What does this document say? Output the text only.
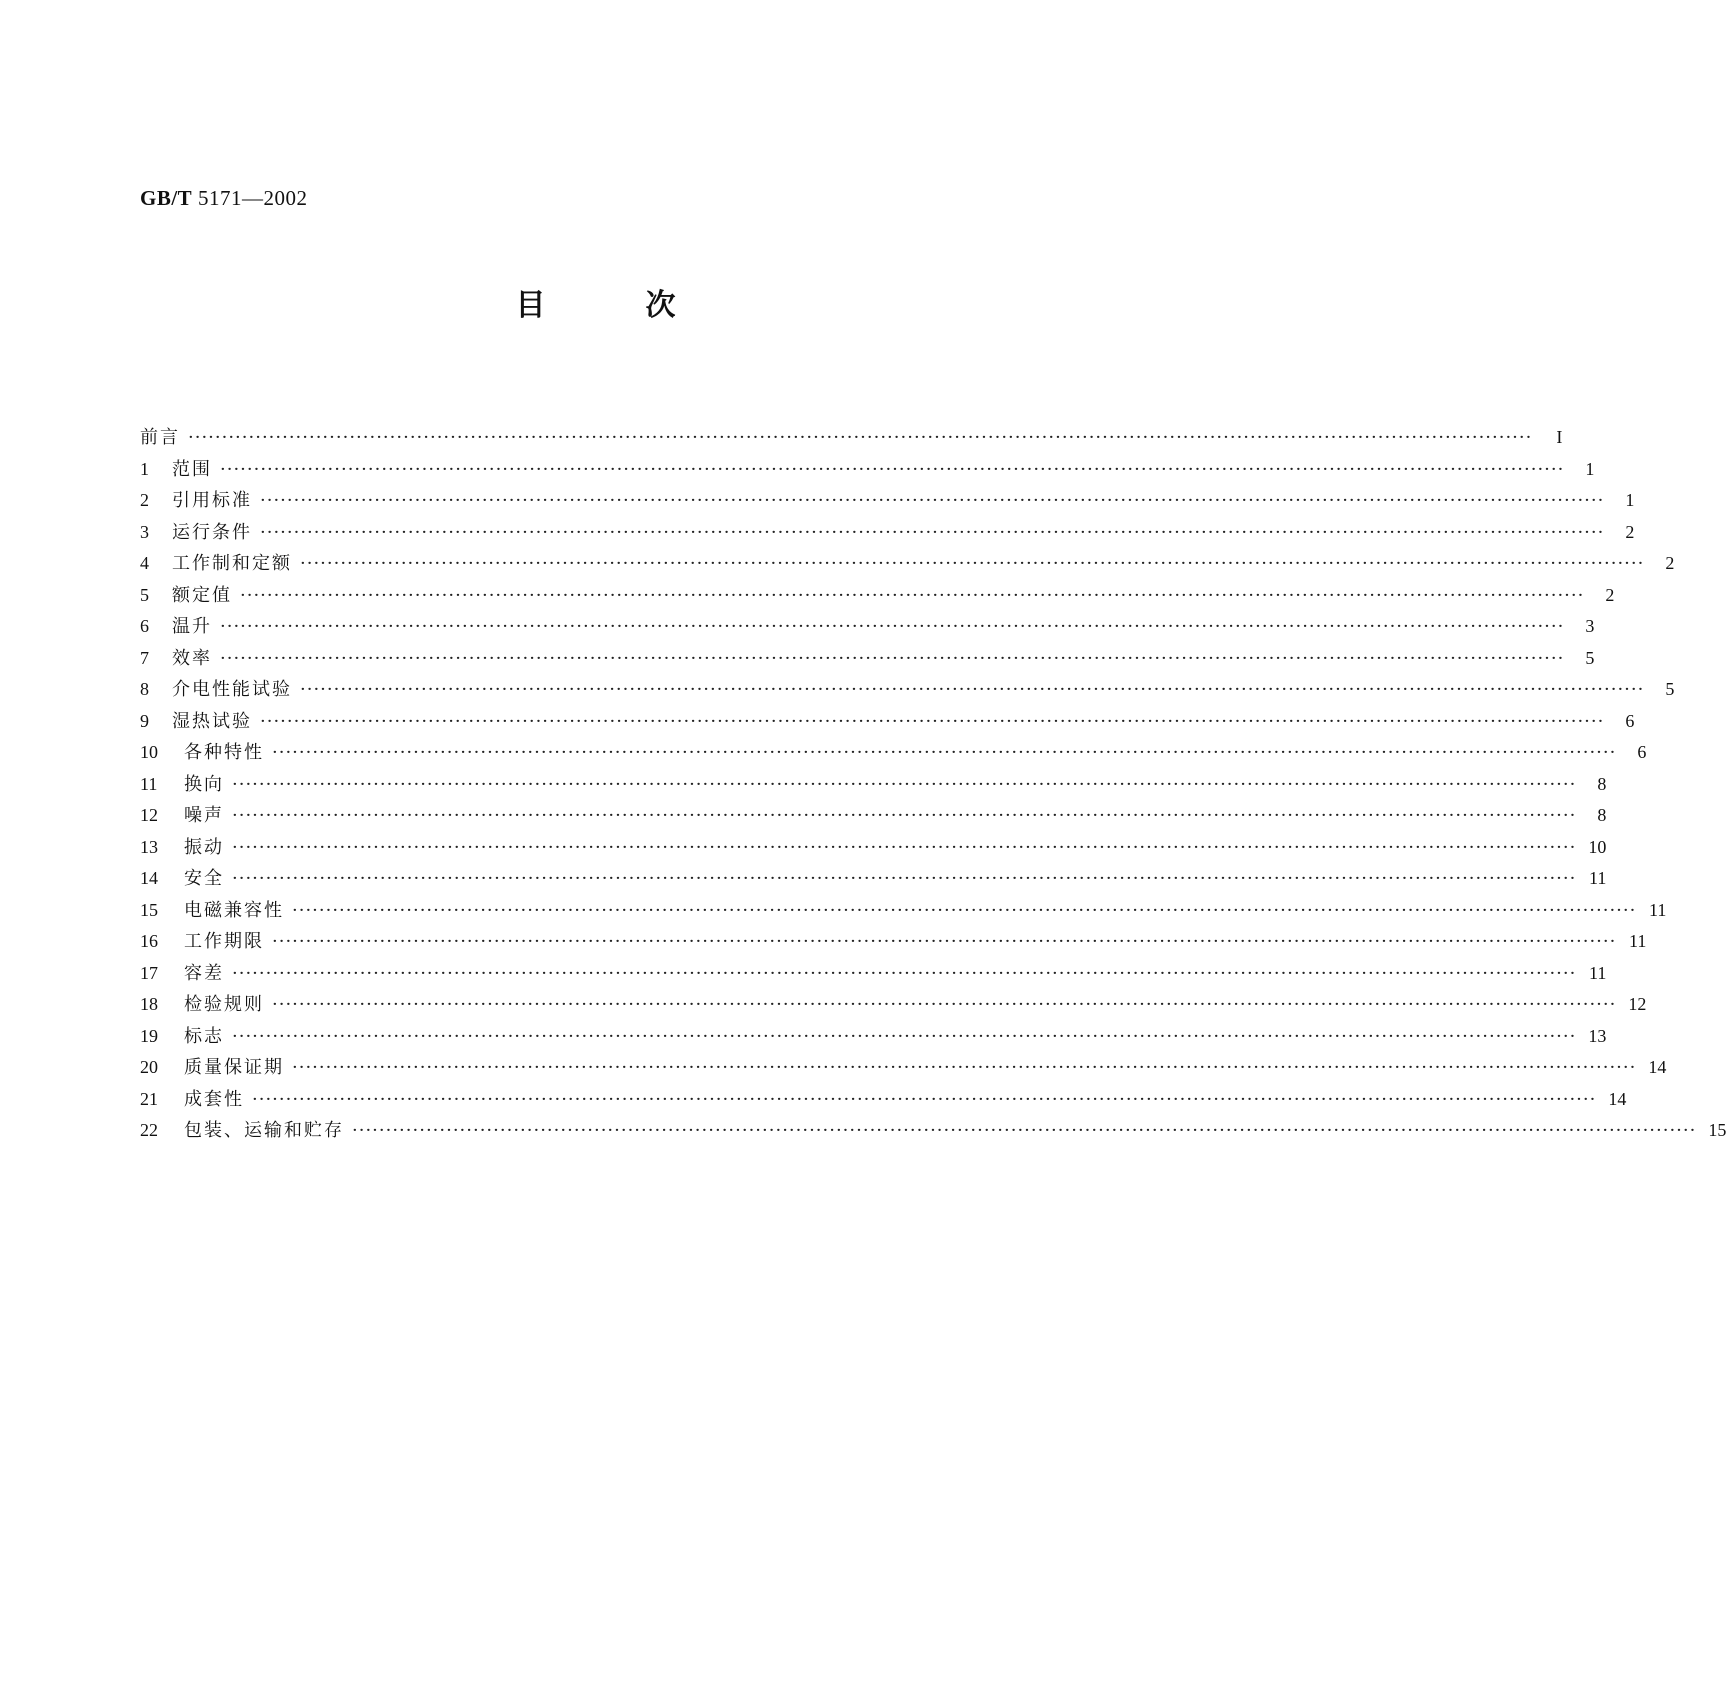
GB/T 5171—2002
目次
前言 ········································································································································································································	I
1	范围 ········································································································································································································	1
2	引用标准 ········································································································································································································	1
3	运行条件 ········································································································································································································	2
4	工作制和定额 ········································································································································································································	2
5	额定值 ········································································································································································································	2
6	温升 ········································································································································································································	3
7	效率 ········································································································································································································	5
8	介电性能试验 ········································································································································································································	5
9	湿热试验 ········································································································································································································	6
10	各种特性 ········································································································································································································	6
11	换向 ········································································································································································································	8
12	噪声 ········································································································································································································	8
13	振动 ········································································································································································································ 10
14	安全 ········································································································································································································ 11
15	电磁兼容性 ········································································································································································································ 11
16	工作期限 ········································································································································································································ 11
17	容差 ········································································································································································································ 11
18	检验规则 ········································································································································································································ 12
19	标志 ········································································································································································································ 13
20	质量保证期 ········································································································································································································ 14
21	成套性 ········································································································································································································ 14
22	包装、运输和贮存 ········································································································································································································ 15
